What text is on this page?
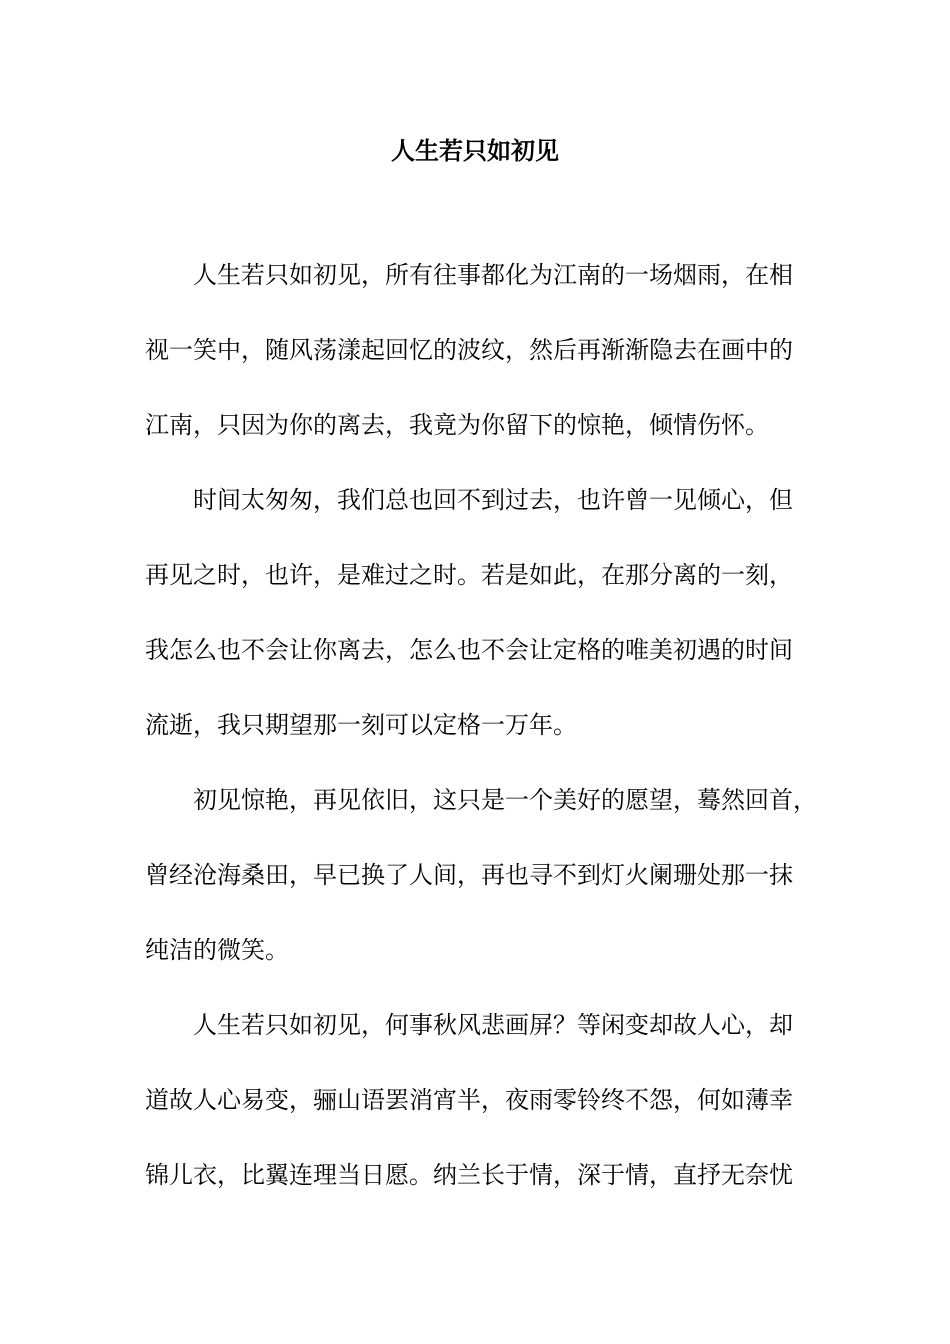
人生若只如初见

人生若只如初见，所有往事都化为江南的一场烟雨，在相

视一笑中，随风荡漾起回忆的波纹，然后再渐渐隐去在画中的

江南，只因为你的离去，我竟为你留下的惊艳，倾情伤怀。

时间太匆匆，我们总也回不到过去，也许曾一见倾心，但

再见之时，也许，是难过之时。若是如此，在那分离的一刻，

我怎么也不会让你离去，怎么也不会让定格的唯美初遇的时间

流逝，我只期望那一刻可以定格一万年。

初见惊艳，再见依旧，这只是一个美好的愿望，蓦然回首，

曾经沧海桑田，早已换了人间，再也寻不到灯火阑珊处那一抹

纯洁的微笑。

人生若只如初见，何事秋风悲画屏？等闲变却故人心，却

道故人心易变，骊山语罢消宵半，夜雨零铃终不怨，何如薄幸

锦儿衣，比翼连理当日愿。纳兰长于情，深于情，直抒无奈忧
